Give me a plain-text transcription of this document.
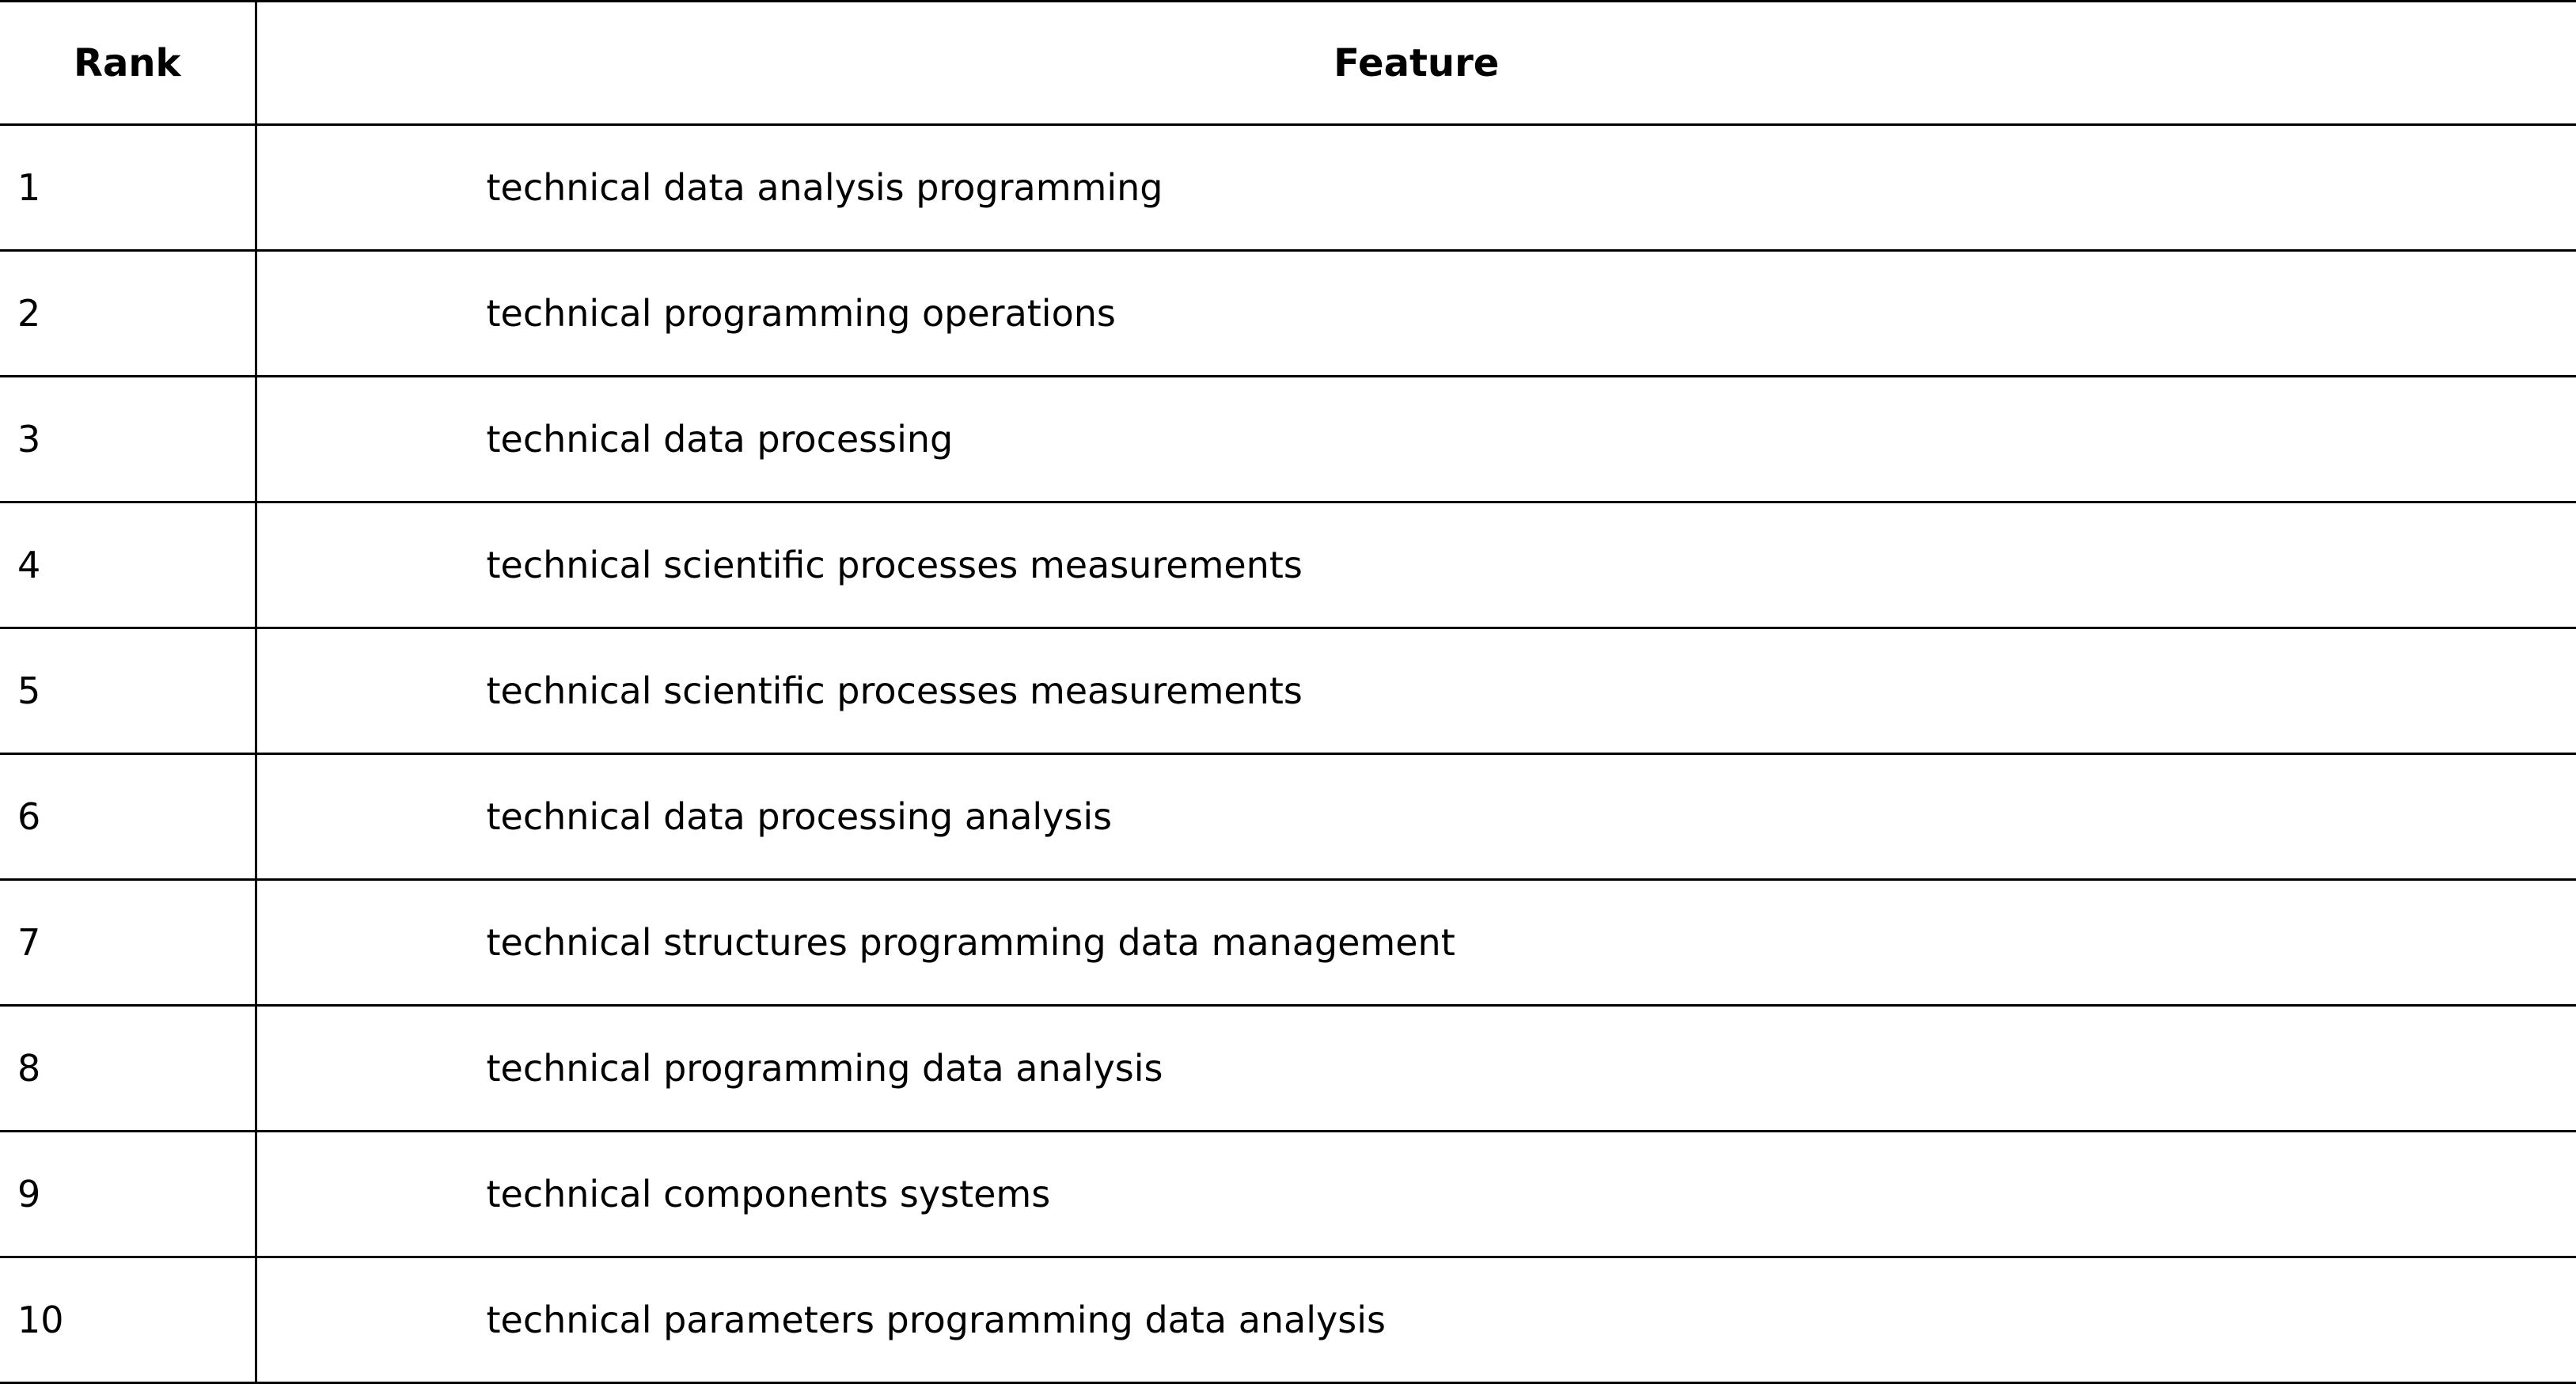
Rank	Feature
1	technical data analysis programming
2	technical programming operations
3	technical data processing
4	technical scientific processes measurements
5	technical scientific processes measurements
6	technical data processing analysis
7	technical structures programming data management
8	technical programming data analysis
9	technical components systems
10	technical parameters programming data analysis
